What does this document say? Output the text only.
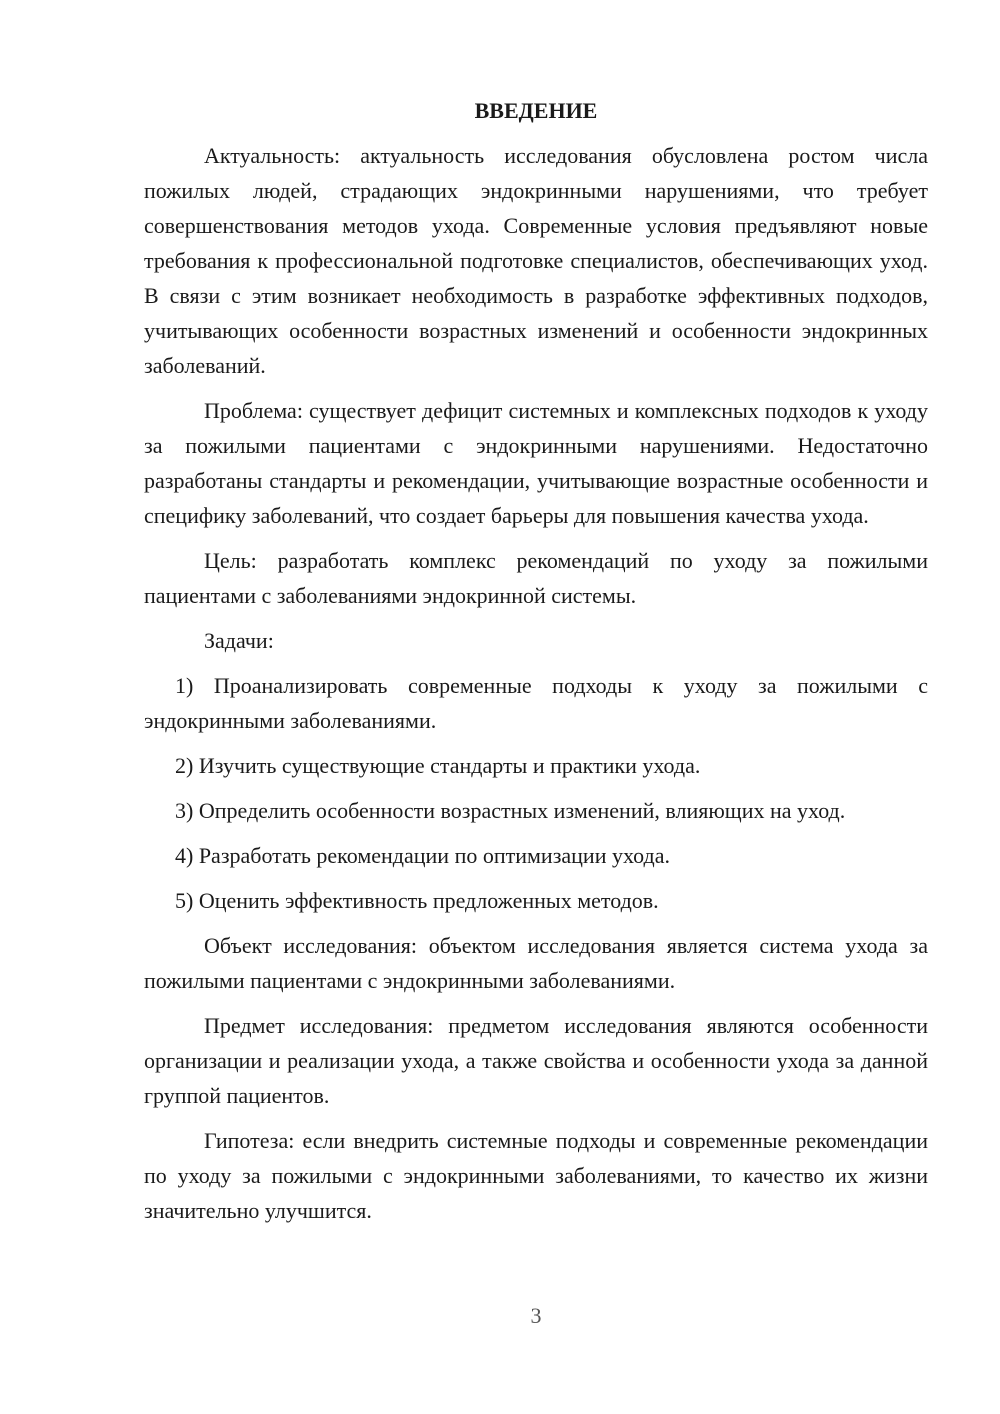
ВВЕДЕНИЕ

Актуальность: актуальность исследования обусловлена ростом числа пожилых людей, страдающих эндокринными нарушениями, что требует совершенствования методов ухода. Современные условия предъявляют новые требования к профессиональной подготовке специалистов, обеспечивающих уход. В связи с этим возникает необходимость в разработке эффективных подходов, учитывающих особенности возрастных изменений и особенности эндокринных заболеваний.

Проблема: существует дефицит системных и комплексных подходов к уходу за пожилыми пациентами с эндокринными нарушениями. Недостаточно разработаны стандарты и рекомендации, учитывающие возрастные особенности и специфику заболеваний, что создает барьеры для повышения качества ухода.

Цель: разработать комплекс рекомендаций по уходу за пожилыми пациентами с заболеваниями эндокринной системы.

Задачи:

1) Проанализировать современные подходы к уходу за пожилыми с эндокринными заболеваниями.

2) Изучить существующие стандарты и практики ухода.

3) Определить особенности возрастных изменений, влияющих на уход.

4) Разработать рекомендации по оптимизации ухода.

5) Оценить эффективность предложенных методов.

Объект исследования: объектом исследования является система ухода за пожилыми пациентами с эндокринными заболеваниями.

Предмет исследования: предметом исследования являются особенности организации и реализации ухода, а также свойства и особенности ухода за данной группой пациентов.

Гипотеза: если внедрить системные подходы и современные рекомендации по уходу за пожилыми с эндокринными заболеваниями, то качество их жизни значительно улучшится.

3
